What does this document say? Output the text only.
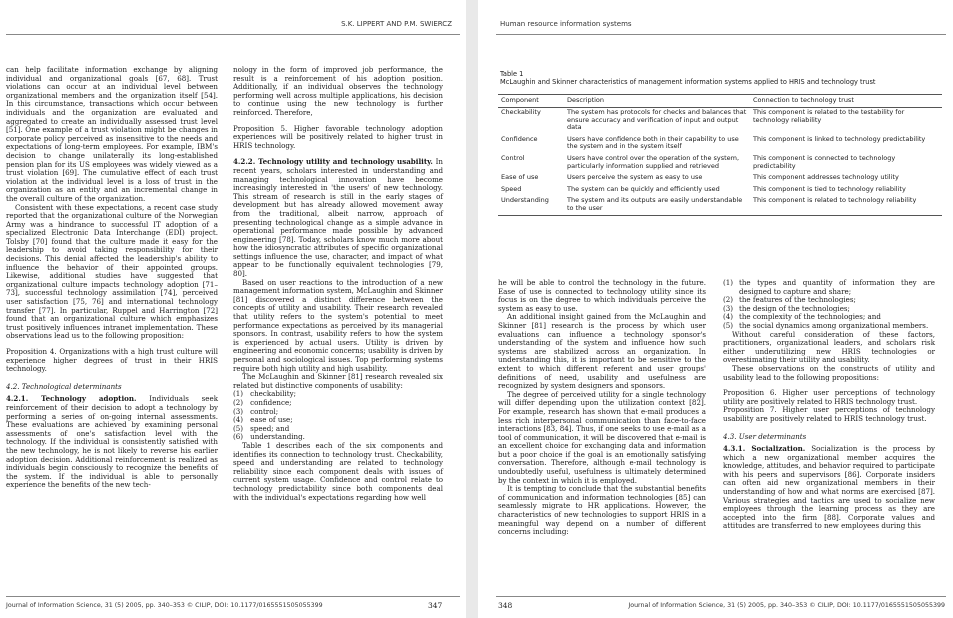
S.K. LIPPERT AND P.M. SWIERCZ

can help facilitate information exchange by aligning individual and organizational goals [67, 68]. Trust violations can occur at an individual level between organizational members and the organization itself [54]. In this circumstance, transactions which occur between individuals and the organization are evaluated and aggregated to create an individually assessed trust level [51]. One example of a trust violation might be changes in corporate policy perceived as insensitive to the needs and expectations of long-term employees. For example, IBM's decision to change unilaterally its long-established pension plan for its US employees was widely viewed as a trust violation [69]. The cumulative effect of each trust violation at the individual level is a loss of trust in the organization as an entity and an incremental change in the overall culture of the organization.

Consistent with these expectations, a recent case study reported that the organizational culture of the Norwegian Army was a hindrance to successful IT adoption of a specialized Electronic Data Interchange (EDI) project. Tolsby [70] found that the culture made it easy for the leadership to avoid taking responsibility for their decisions. This denial affected the leadership's ability to influence the behavior of their appointed groups. Likewise, additional studies have suggested that organizational culture impacts technology adoption [71–73], successful technology assimilation [74], perceived user satisfaction [75, 76] and international technology transfer [77]. In particular, Ruppel and Harrington [72] found that an organizational culture which emphasizes trust positively influences intranet implementation. These observations lead us to the following proposition:

Proposition 4. Organizations with a high trust culture will experience higher degrees of trust in their HRIS technology.

4.2. Technological determinants

4.2.1. Technology adoption. Individuals seek reinforcement of their decision to adopt a technology by performing a series of on-going internal assessments. These evaluations are achieved by examining personal assessments of one's satisfaction level with the technology. If the individual is consistently satisfied with the new technology, he is not likely to reverse his earlier adoption decision. Additional reinforcement is realized as individuals begin consciously to recognize the benefits of the system. If the individual is able to personally experience the benefits of the new tech-

nology in the form of improved job performance, the result is a reinforcement of his adoption position. Additionally, if an individual observes the technology performing well across multiple applications, his decision to continue using the new technology is further reinforced. Therefore,

Proposition 5. Higher favorable technology adoption experiences will be positively related to higher trust in HRIS technology.

4.2.2. Technology utility and technology usability. In recent years, scholars interested in understanding and managing technological innovation have become increasingly interested in 'the users' of new technology. This stream of research is still in the early stages of development but has already allowed movement away from the traditional, albeit narrow, approach of presenting technological change as a simple advance in operational performance made possible by advanced engineering [78]. Today, scholars know much more about how the idiosyncratic attributes of specific organizational settings influence the use, character, and impact of what appear to be functionally equivalent technologies [79, 80].

Based on user reactions to the introduction of a new management information system, McLaughin and Skinner [81] discovered a distinct difference between the concepts of utility and usability. Their research revealed that utility refers to the system's potential to meet performance expectations as perceived by its managerial sponsors. In contrast, usability refers to how the system is experienced by actual users. Utility is driven by engineering and economic concerns; usability is driven by personal and sociological issues. Top performing systems require both high utility and high usability.

The McLaughin and Skinner [81] research revealed six related but distinctive components of usability:

(1) checkability;
(2) confidence;
(3) control;
(4) ease of use;
(5) speed; and
(6) understanding.

Table 1 describes each of the six components and identifies its connection to technology trust. Checkability, speed and understanding are related to technology reliability since each component deals with issues of current system usage. Confidence and control relate to technology predictability since both components deal with the individual's expectations regarding how well

Journal of Information Science, 31 (5) 2005, pp. 340–353 © CILIP, DOI: 10.1177/0165551505055399	347
Human resource information systems
Table 1
McLaughin and Skinner characteristics of management information systems applied to HRIS and technology trust
Component	Description	Connection to technology trust
Checkability	The system has protocols for checks and balances that ensure accuracy and verification of input and output data	This component is related to the testability for technology reliability
Confidence	Users have confidence both in their capability to use the system and in the system itself	This component is linked to technology predictability
Control	Users have control over the operation of the system, particularly information supplied and retrieved	This component is connected to technology predictability
Ease of use	Users perceive the system as easy to use	This component addresses technology utility
Speed	The system can be quickly and efficiently used	This component is tied to technology reliability
Understanding	The system and its outputs are easily understandable to the user	This component is related to technology reliability

he will be able to control the technology in the future. Ease of use is connected to technology utility since its focus is on the degree to which individuals perceive the system as easy to use.

An additional insight gained from the McLaughin and Skinner [81] research is the process by which user evaluations can influence a technology sponsor's understanding of the system and influence how such systems are stabilized across an organization. In understanding this, it is important to be sensitive to the extent to which different referent and user groups' definitions of need, usability and usefulness are recognized by system designers and sponsors.

The degree of perceived utility for a single technology will differ depending upon the utilization context [82]. For example, research has shown that e-mail produces a less rich interpersonal communication than face-to-face interactions [83, 84]. Thus, if one seeks to use e-mail as a tool of communication, it will be discovered that e-mail is an excellent choice for exchanging data and information but a poor choice if the goal is an emotionally satisfying conversation. Therefore, although e-mail technology is undoubtedly useful, usefulness is ultimately determined by the context in which it is employed.

It is tempting to conclude that the substantial benefits of communication and information technologies [85] can seamlessly migrate to HR applications. However, the characteristics of new technologies to support HRIS in a meaningful way depend on a number of different concerns including:

(1) the types and quantity of information they are designed to capture and share;
(2) the features of the technologies;
(3) the design of the technologies;
(4) the complexity of the technologies; and
(5) the social dynamics among organizational members.

Without careful consideration of these factors, practitioners, organizational leaders, and scholars risk either underutilizing new HRIS technologies or overestimating their utility and usability.

These observations on the constructs of utility and usability lead to the following propositions:

Proposition 6. Higher user perceptions of technology utility are positively related to HRIS technology trust.

Proposition 7. Higher user perceptions of technology usability are positively related to HRIS technology trust.

4.3. User determinants

4.3.1. Socialization. Socialization is the process by which a new organizational member acquires the knowledge, attitudes, and behavior required to participate with his peers and supervisors [86]. Corporate insiders can often aid new organizational members in their understanding of how and what norms are exercised [87]. Various strategies and tactics are used to socialize new employees through the learning process as they are accepted into the firm [88]. Corporate values and attitudes are transferred to new employees during this

348	Journal of Information Science, 31 (5) 2005, pp. 340–353 © CILIP, DOI: 10.1177/0165551505055399
